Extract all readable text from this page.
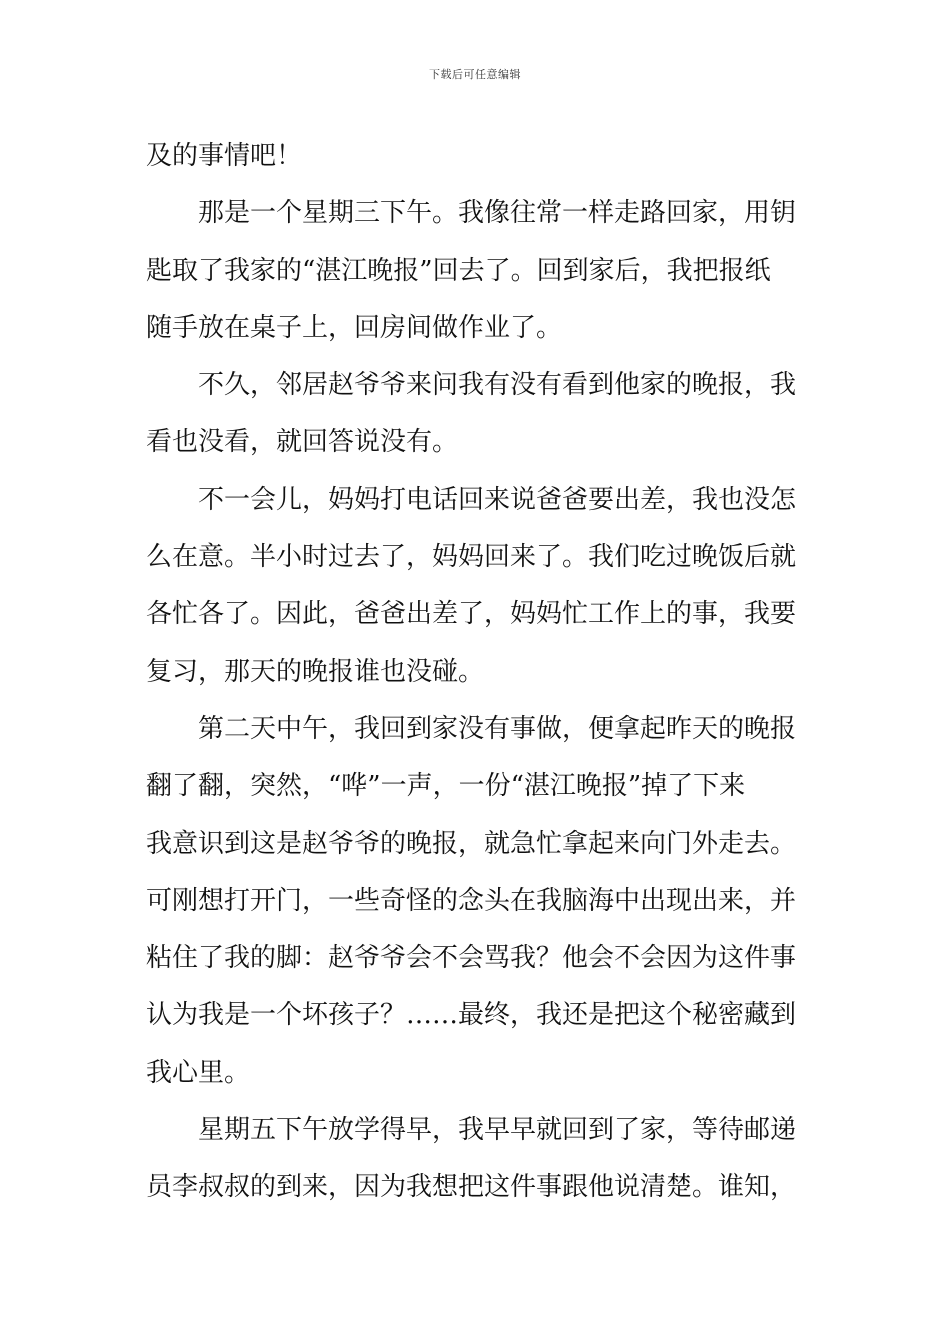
下载后可任意编辑
及的事情吧！
那是一个星期三下午。我像往常一样走路回家，用钥
匙取了我家的“湛江晚报”回去了。回到家后，我把报纸
随手放在桌子上，回房间做作业了。
不久，邻居赵爷爷来问我有没有看到他家的晚报，我
看也没看，就回答说没有。
不一会儿，妈妈打电话回来说爸爸要出差，我也没怎
么在意。半小时过去了，妈妈回来了。我们吃过晚饭后就
各忙各了。因此，爸爸出差了，妈妈忙工作上的事，我要
复习，那天的晚报谁也没碰。
第二天中午，我回到家没有事做，便拿起昨天的晚报
翻了翻，突然，“哗”一声，一份“湛江晚报”掉了下来
我意识到这是赵爷爷的晚报，就急忙拿起来向门外走去。
可刚想打开门，一些奇怪的念头在我脑海中出现出来，并
粘住了我的脚：赵爷爷会不会骂我？他会不会因为这件事
认为我是一个坏孩子？……最终，我还是把这个秘密藏到
我心里。
星期五下午放学得早，我早早就回到了家，等待邮递
员李叔叔的到来，因为我想把这件事跟他说清楚。谁知，
